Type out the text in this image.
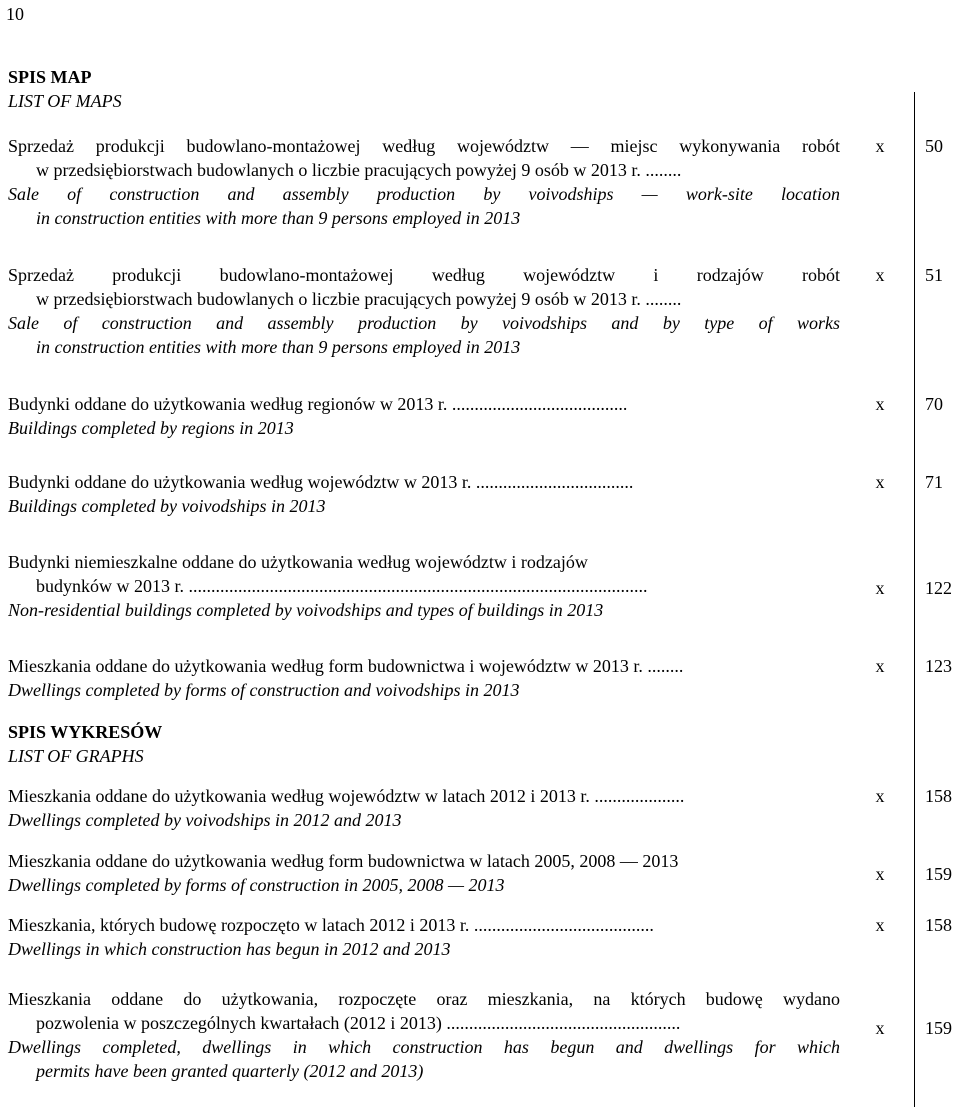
10
SPIS MAP
LIST OF MAPS
Sprzedaż produkcji budowlano-montażowej według województw — miejsc wykonywania robót
w przedsiębiorstwach budowlanych o liczbie pracujących powyżej 9 osób w 2013 r. ........
Sale of construction and assembly production by voivodships — work-site location
in construction entities with more than 9 persons employed in 2013
x 50
Sprzedaż produkcji budowlano-montażowej według województw i rodzajów robót
w przedsiębiorstwach budowlanych o liczbie pracujących powyżej 9 osób w 2013 r. ........
Sale of construction and assembly production by voivodships and by type of works
in construction entities with more than 9 persons employed in 2013
x 51
Budynki oddane do użytkowania według regionów w 2013 r. .......................................
Buildings completed by regions in 2013
x 70
Budynki oddane do użytkowania według województw w 2013 r. ...................................
Buildings completed by voivodships in 2013
x 71
Budynki niemieszkalne oddane do użytkowania według województw i rodzajów
budynków w 2013 r. ......................................................................................................
Non-residential buildings completed by voivodships and types of buildings in 2013
x 122
Mieszkania oddane do użytkowania według form budownictwa i województw w 2013 r. ........
Dwellings completed by forms of construction and voivodships in 2013
x 123
SPIS WYKRESÓW
LIST OF GRAPHS
Mieszkania oddane do użytkowania według województw w latach 2012 i 2013 r. ....................
Dwellings completed by voivodships in 2012 and 2013
x 158
Mieszkania oddane do użytkowania według form budownictwa w latach 2005, 2008 — 2013
Dwellings completed by forms of construction in 2005, 2008 — 2013
x 159
Mieszkania, których budowę rozpoczęto w latach 2012 i 2013 r. ........................................
Dwellings in which construction has begun in 2012 and 2013
x 158
Mieszkania oddane do użytkowania, rozpoczęte oraz mieszkania, na których budowę wydano
pozwolenia w poszczególnych kwartałach (2012 i 2013) ....................................................
Dwellings completed, dwellings in which construction has begun and dwellings for which
permits have been granted quarterly (2012 and 2013)
x 159
